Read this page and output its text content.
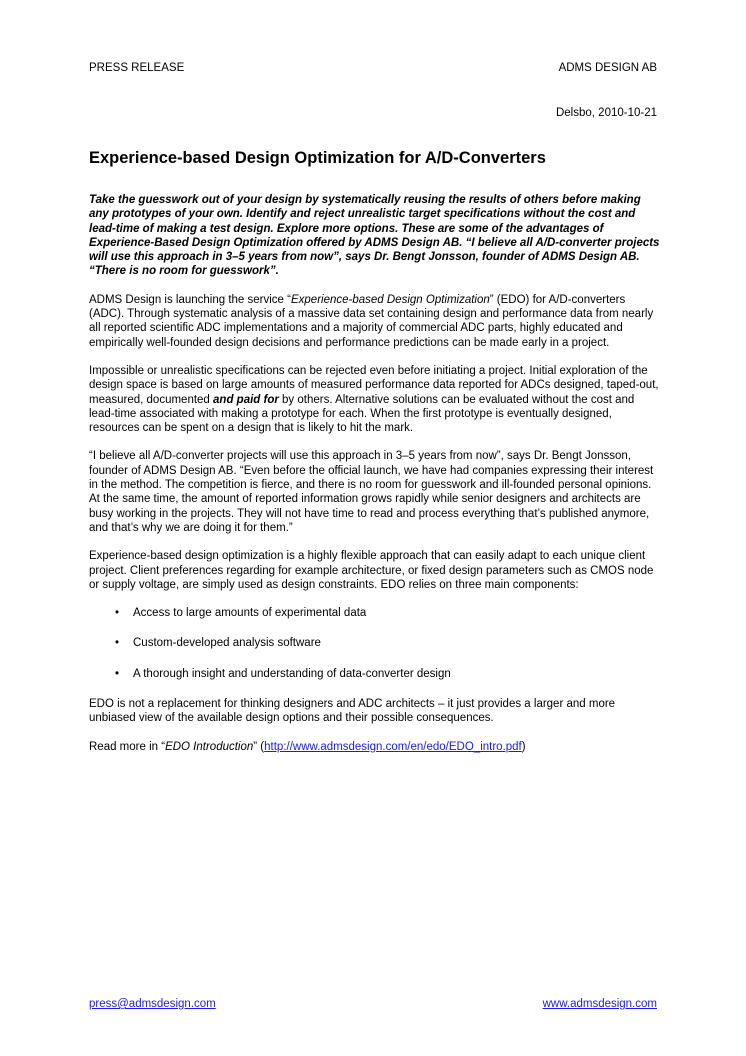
PRESS RELEASE	ADMS DESIGN AB
Delsbo, 2010-10-21
Experience-based Design Optimization for A/D-Converters

Take the guesswork out of your design by systematically reusing the results of others before making any prototypes of your own. Identify and reject unrealistic target specifications without the cost and lead-time of making a test design. Explore more options. These are some of the advantages of Experience-Based Design Optimization offered by ADMS Design AB. “I believe all A/D-converter projects will use this approach in 3–5 years from now”, says Dr. Bengt Jonsson, founder of ADMS Design AB. “There is no room for guesswork”.

ADMS Design is launching the service “Experience-based Design Optimization” (EDO) for A/D-converters (ADC). Through systematic analysis of a massive data set containing design and performance data from nearly all reported scientific ADC implementations and a majority of commercial ADC parts, highly educated and empirically well-founded design decisions and performance predictions can be made early in a project.

Impossible or unrealistic specifications can be rejected even before initiating a project. Initial exploration of the design space is based on large amounts of measured performance data reported for ADCs designed, taped-out, measured, documented and paid for by others. Alternative solutions can be evaluated without the cost and lead-time associated with making a prototype for each. When the first prototype is eventually designed, resources can be spent on a design that is likely to hit the mark.

“I believe all A/D-converter projects will use this approach in 3–5 years from now”, says Dr. Bengt Jonsson, founder of ADMS Design AB. “Even before the official launch, we have had companies expressing their interest in the method. The competition is fierce, and there is no room for guesswork and ill-founded personal opinions. At the same time, the amount of reported information grows rapidly while senior designers and architects are busy working in the projects. They will not have time to read and process everything that’s published anymore, and that’s why we are doing it for them.”

Experience-based design optimization is a highly flexible approach that can easily adapt to each unique client project. Client preferences regarding for example architecture, or fixed design parameters such as CMOS node or supply voltage, are simply used as design constraints. EDO relies on three main components:

• Access to large amounts of experimental data
• Custom-developed analysis software
• A thorough insight and understanding of data-converter design

EDO is not a replacement for thinking designers and ADC architects – it just provides a larger and more unbiased view of the available design options and their possible consequences.

Read more in “EDO Introduction” (http://www.admsdesign.com/en/edo/EDO_intro.pdf)

press@admsdesign.com	www.admsdesign.com
